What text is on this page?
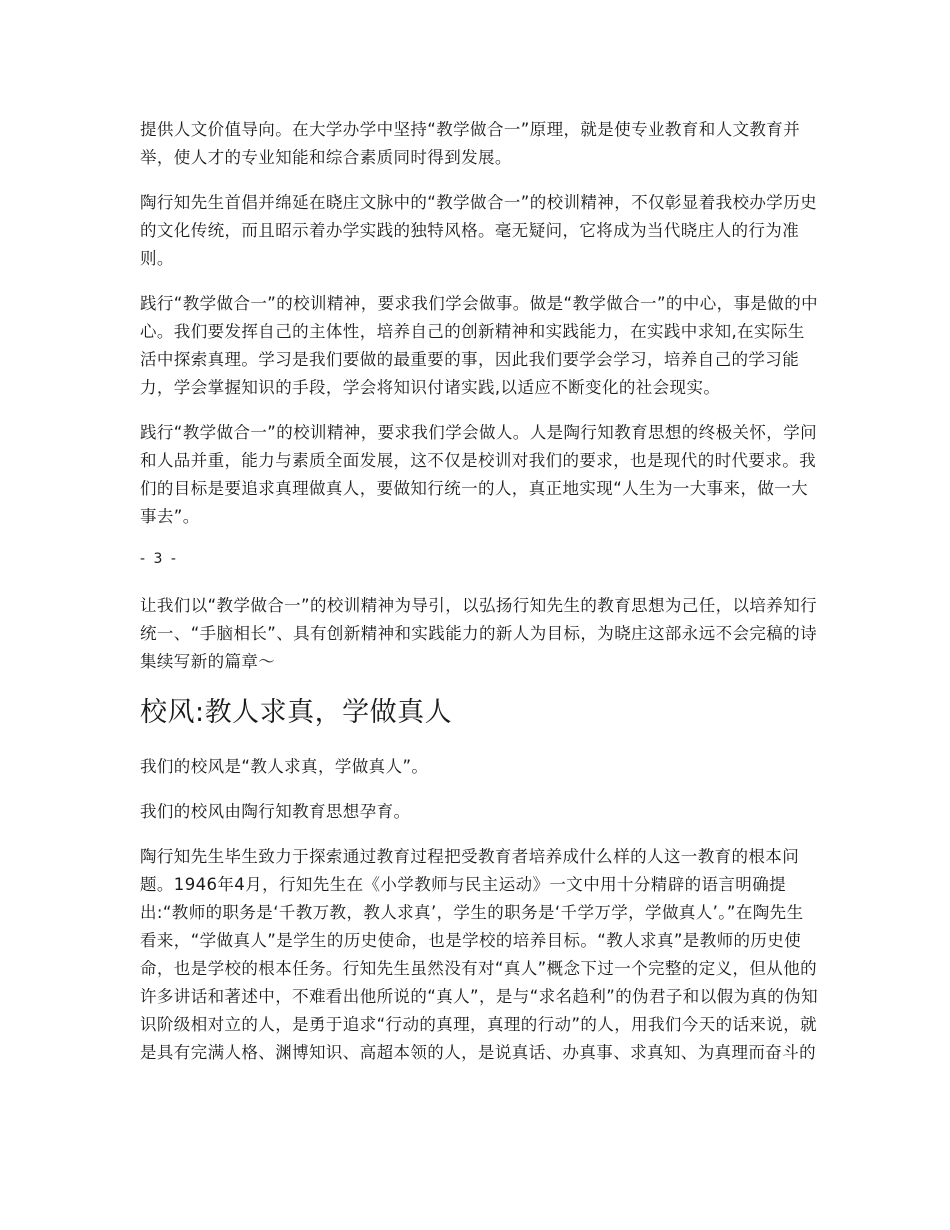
提供人文价值导向。在大学办学中坚持“教学做合一”原理，就是使专业教育和人文教育并举，使人才的专业知能和综合素质同时得到发展。

陶行知先生首倡并绵延在晓庄文脉中的“教学做合一”的校训精神，不仅彰显着我校办学历史的文化传统，而且昭示着办学实践的独特风格。毫无疑问，它将成为当代晓庄人的行为准则。

践行“教学做合一”的校训精神，要求我们学会做事。做是“教学做合一”的中心，事是做的中心。我们要发挥自己的主体性，培养自己的创新精神和实践能力，在实践中求知,在实际生活中探索真理。学习是我们要做的最重要的事，因此我们要学会学习，培养自己的学习能力，学会掌握知识的手段，学会将知识付诸实践,以适应不断变化的社会现实。

践行“教学做合一”的校训精神，要求我们学会做人。人是陶行知教育思想的终极关怀，学问和人品并重，能力与素质全面发展，这不仅是校训对我们的要求，也是现代的时代要求。我们的目标是要追求真理做真人，要做知行统一的人，真正地实现“人生为一大事来，做一大事去”。

- 3 -

让我们以“教学做合一”的校训精神为导引，以弘扬行知先生的教育思想为己任，以培养知行统一、“手脑相长”、具有创新精神和实践能力的新人为目标，为晓庄这部永远不会完稿的诗集续写新的篇章～

校风:教人求真，学做真人

我们的校风是“教人求真，学做真人”。

我们的校风由陶行知教育思想孕育。

陶行知先生毕生致力于探索通过教育过程把受教育者培养成什么样的人这一教育的根本问题。1946年4月，行知先生在《小学教师与民主运动》一文中用十分精辟的语言明确提出:“教师的职务是‘千教万教，教人求真’，学生的职务是‘千学万学，学做真人’。”在陶先生看来，“学做真人”是学生的历史使命，也是学校的培养目标。“教人求真”是教师的历史使命，也是学校的根本任务。行知先生虽然没有对“真人”概念下过一个完整的定义，但从他的许多讲话和著述中，不难看出他所说的“真人”，是与“求名趋利”的伪君子和以假为真的伪知识阶级相对立的人，是勇于追求“行动的真理，真理的行动”的人，用我们今天的话来说，就是具有完满人格、渊博知识、高超本领的人，是说真话、办真事、求真知、为真理而奋斗的
